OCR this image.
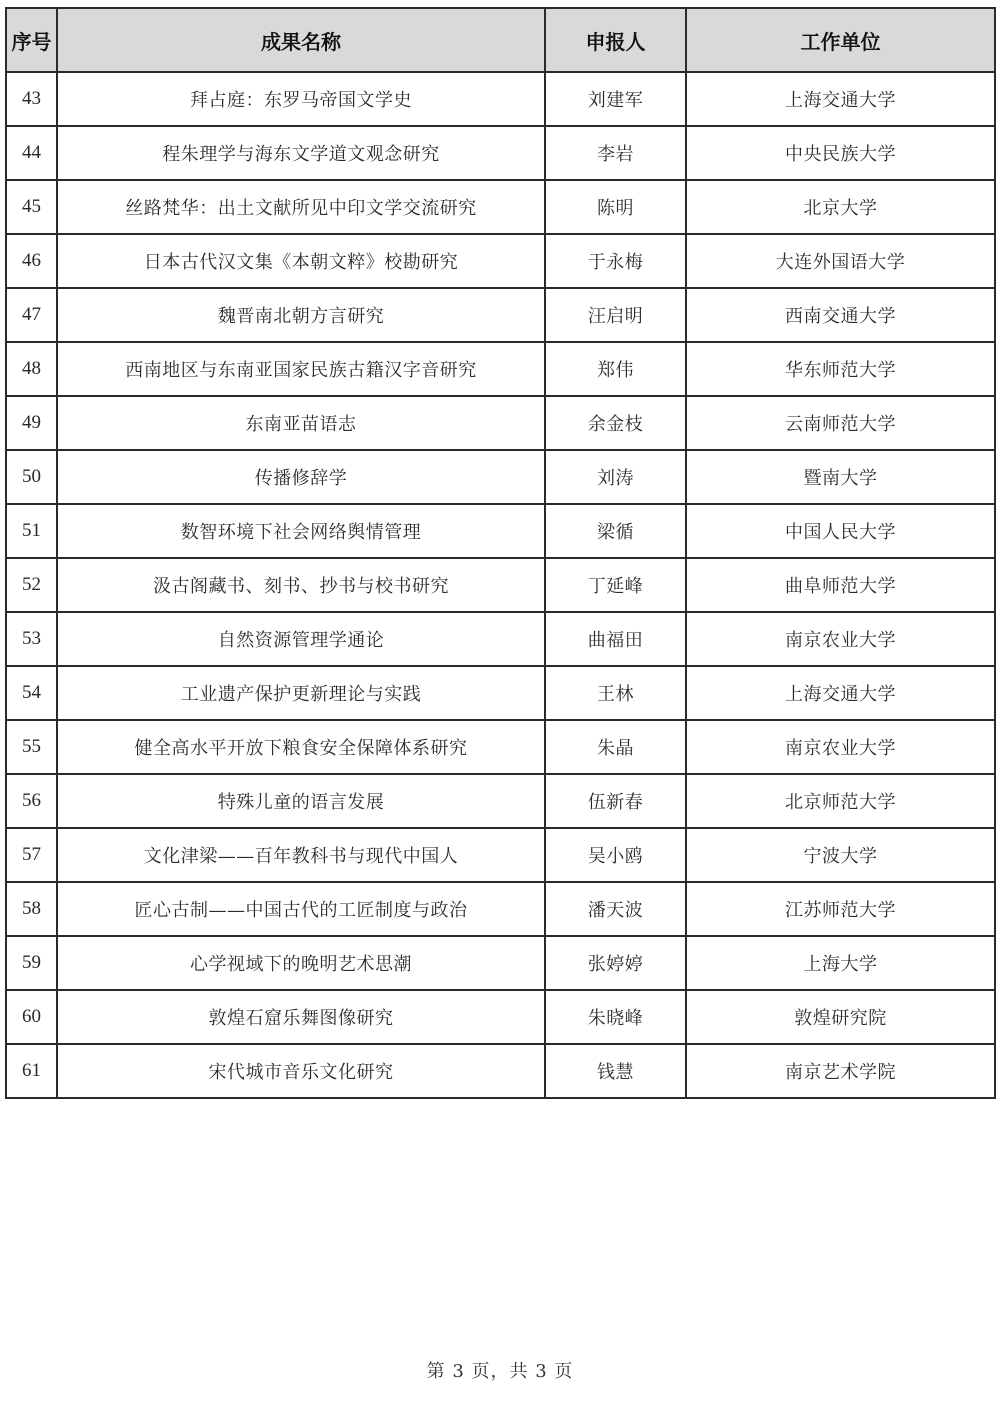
序号	成果名称	申报人	工作单位
43	拜占庭：东罗马帝国文学史	刘建军	上海交通大学
44	程朱理学与海东文学道文观念研究	李岩	中央民族大学
45	丝路梵华：出土文献所见中印文学交流研究	陈明	北京大学
46	日本古代汉文集《本朝文粹》校勘研究	于永梅	大连外国语大学
47	魏晋南北朝方言研究	汪启明	西南交通大学
48	西南地区与东南亚国家民族古籍汉字音研究	郑伟	华东师范大学
49	东南亚苗语志	余金枝	云南师范大学
50	传播修辞学	刘涛	暨南大学
51	数智环境下社会网络舆情管理	梁循	中国人民大学
52	汲古阁藏书、刻书、抄书与校书研究	丁延峰	曲阜师范大学
53	自然资源管理学通论	曲福田	南京农业大学
54	工业遗产保护更新理论与实践	王林	上海交通大学
55	健全高水平开放下粮食安全保障体系研究	朱晶	南京农业大学
56	特殊儿童的语言发展	伍新春	北京师范大学
57	文化津梁——百年教科书与现代中国人	吴小鸥	宁波大学
58	匠心古制——中国古代的工匠制度与政治	潘天波	江苏师范大学
59	心学视域下的晚明艺术思潮	张婷婷	上海大学
60	敦煌石窟乐舞图像研究	朱晓峰	敦煌研究院
61	宋代城市音乐文化研究	钱慧	南京艺术学院
第 3 页，共 3 页
